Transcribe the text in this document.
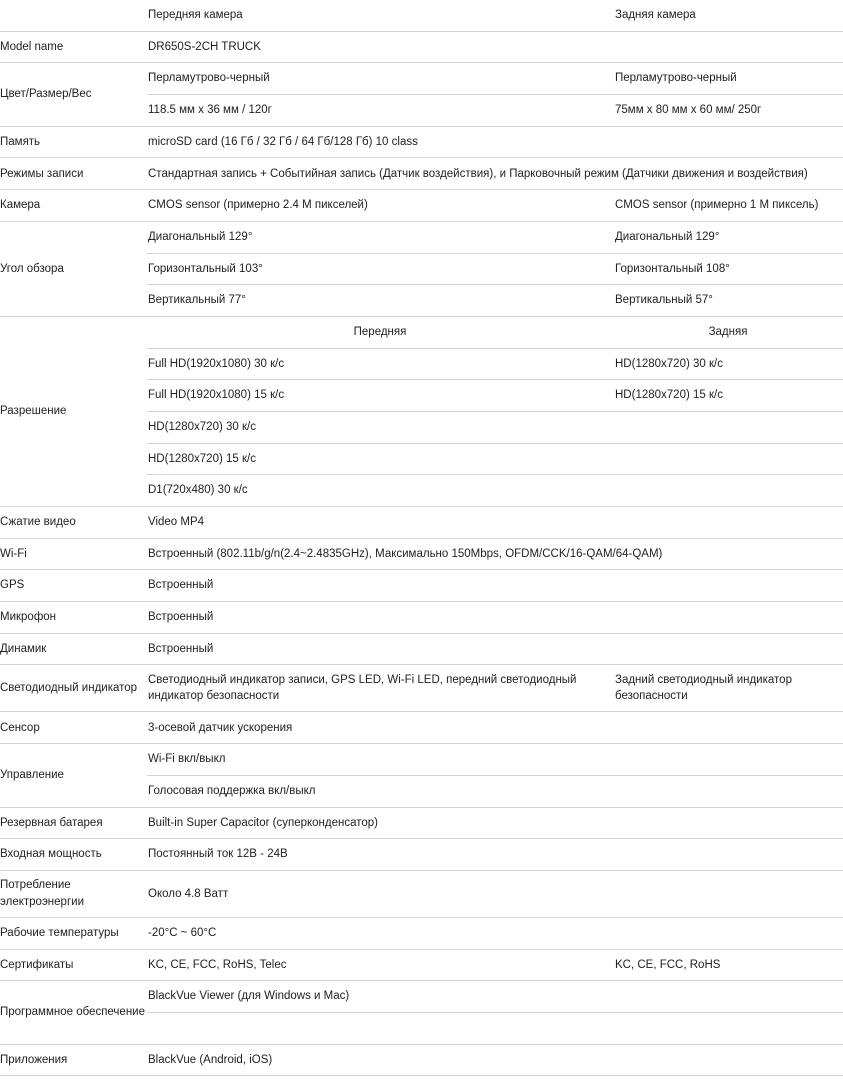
	Передняя камера	Задняя камера
Model name	DR650S-2CH TRUCK	
Цвет/Размер/Вес	Перламутрово-черный	Перламутрово-черный
	118.5 мм x 36 мм / 120г	75мм x 80 мм x 60 мм/ 250г
Память	microSD card (16 Гб / 32 Гб / 64 Гб/128 Гб) 10 class	
Режимы записи	Стандартная запись + Событийная запись (Датчик воздействия), и Парковочный режим (Датчики движения и воздействия)	
Камера	CMOS sensor (примерно 2.4 M пикселей)	CMOS sensor (примерно 1 M пиксель)
Угол обзора	Диагональный 129°	Диагональный 129°
	Горизонтальный 103°	Горизонтальный 108°
	Вертикальный 77°	Вертикальный 57°
Разрешение	Передняя	Задняя
	Full HD(1920x1080) 30 к/с	HD(1280x720) 30 к/с
	Full HD(1920x1080) 15 к/с	HD(1280x720) 15 к/с
	HD(1280x720) 30 к/с	
	HD(1280x720) 15 к/с	
	D1(720x480) 30 к/с	
Сжатие видео	Video MP4	
Wi-Fi	Встроенный (802.11b/g/n(2.4~2.4835GHz), Максимально 150Mbps, OFDM/CCK/16-QAM/64-QAM)	
GPS	Встроенный	
Микрофон	Встроенный	
Динамик	Встроенный	
Светодиодный индикатор	Светодиодный индикатор записи, GPS LED, Wi-Fi LED, передний светодиодный индикатор безопасности	Задний светодиодный индикатор безопасности
Сенсор	3-осевой датчик ускорения	
Управление	Wi-Fi вкл/выкл	
	Голосовая поддержка вкл/выкл	
Резервная батарея	Built-in Super Capacitor (суперконденсатор)	
Входная мощность	Постоянный ток 12В - 24В	
Потребление электроэнергии	Около 4.8 Ватт	
Рабочие температуры	-20°C ~ 60°C	
Сертификаты	KC, CE, FCC, RoHS, Telec	KC, CE, FCC, RoHS
Программное обеспечение	BlackVue Viewer (для Windows и Mac)	

Приложения	BlackVue (Android, iOS)	
